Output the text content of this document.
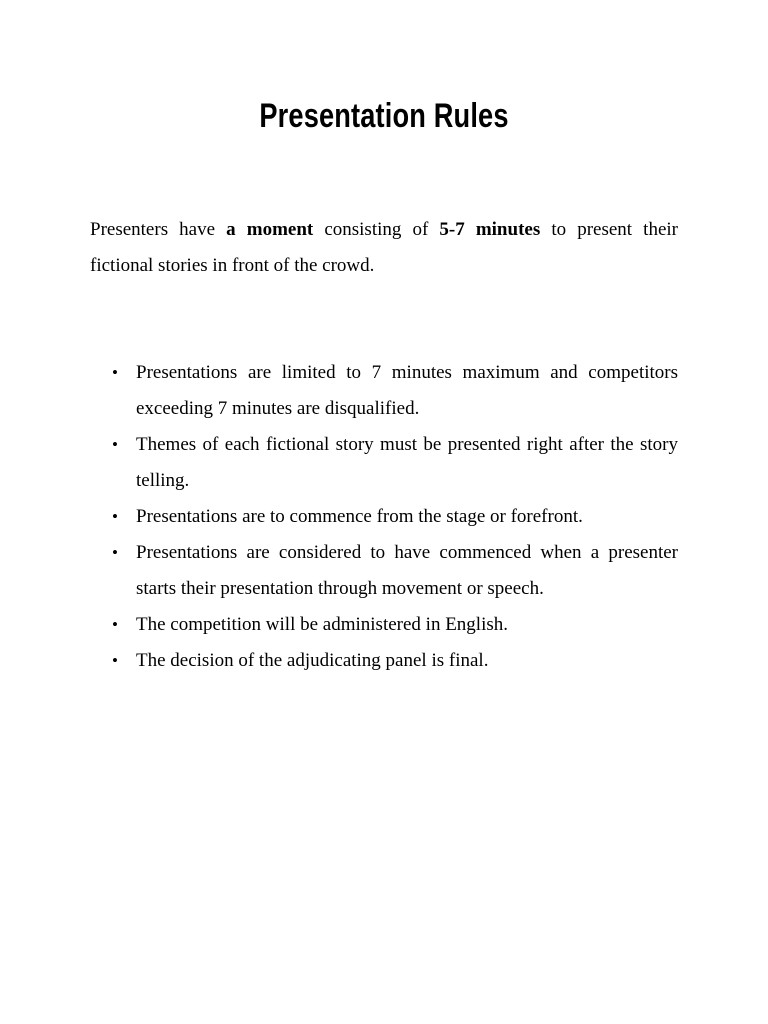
Presentation Rules

Presenters have a moment consisting of 5-7 minutes to present their fictional stories in front of the crowd.

• Presentations are limited to 7 minutes maximum and competitors exceeding 7 minutes are disqualified.
• Themes of each fictional story must be presented right after the story telling.
• Presentations are to commence from the stage or forefront.
• Presentations are considered to have commenced when a presenter starts their presentation through movement or speech.
• The competition will be administered in English.
• The decision of the adjudicating panel is final.
